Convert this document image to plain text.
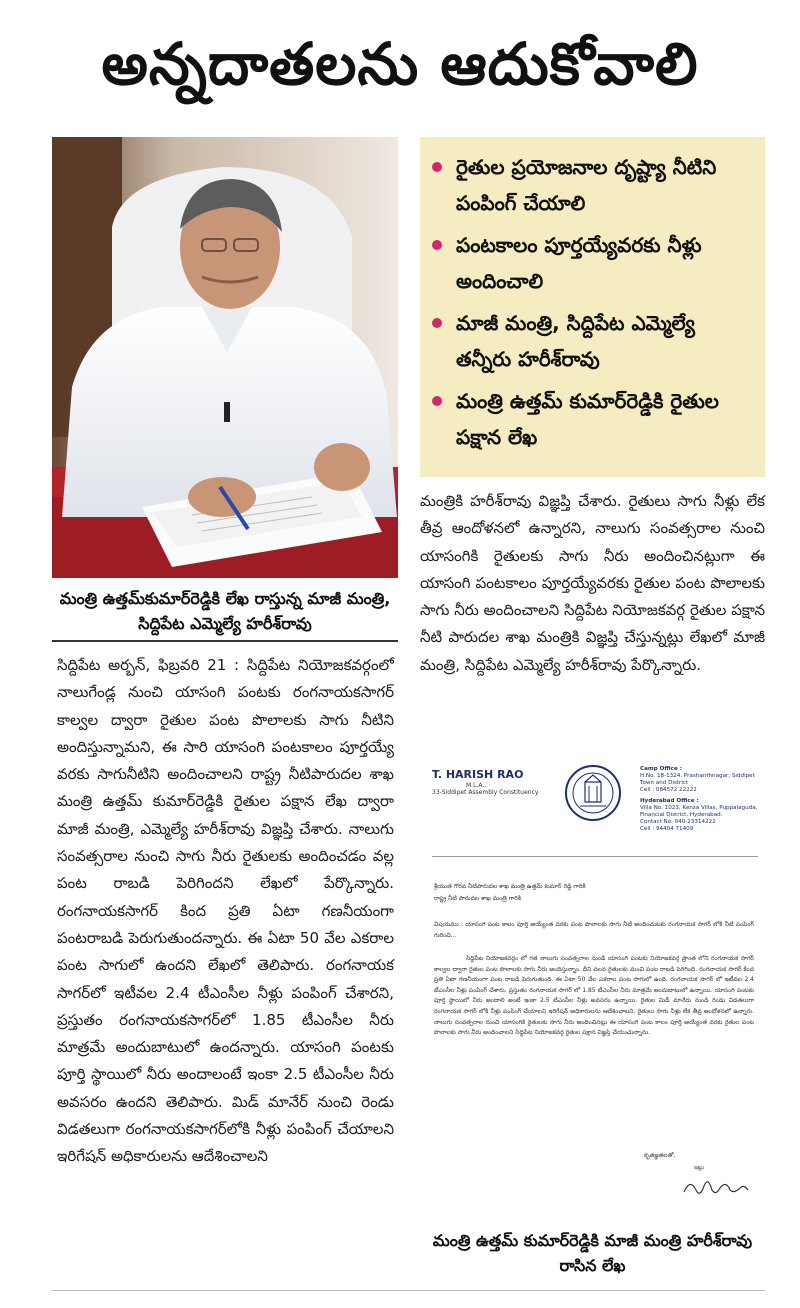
అన్నదాతలను ఆదుకోవాలి
మంత్రి ఉత్తమ్‌కుమార్‌రెడ్డికి లేఖ రాస్తున్న మాజీ మంత్రి, సిద్దిపేట ఎమ్మెల్యే హరీశ్‌రావు
రైతుల ప్రయోజనాల దృష్ట్యా నీటిని పంపింగ్‌ చేయాలి
పంటకాలం పూర్తయ్యేవరకు నీళ్లు అందించాలి
మాజీ మంత్రి, సిద్దిపేట ఎమ్మెల్యే తన్నీరు హరీశ్‌రావు
మంత్రి ఉత్తమ్‌ కుమార్‌రెడ్డికి రైతుల పక్షాన లేఖ
సిద్దిపేట అర్బన్‌, ఫిబ్రవరి 21 : సిద్దిపేట నియోజకవర్గంలో నాలుగేండ్ల నుంచి యాసంగి పంటకు రంగనాయకసాగర్‌ కాల్వల ద్వారా రైతుల పంట పొలాలకు సాగు నీటిని అందిస్తున్నామని, ఈ సారి యాసంగి పంటకాలం పూర్తయ్యే వరకు సాగునీటిని అందించాలని రాష్ట్ర నీటిపారుదల శాఖ మంత్రి ఉత్తమ్‌ కుమార్‌రెడ్డికి రైతుల పక్షాన లేఖ ద్వారా మాజీ మంత్రి, ఎమ్మెల్యే హరీశ్‌రావు విజ్ఞప్తి చేశారు. నాలుగు సంవత్సరాల నుంచి సాగు నీరు రైతులకు అందించడం వల్ల పంట రాబడి పెరిగిందని లేఖలో పేర్కొన్నారు. రంగనాయకసాగర్‌ కింద ప్రతి ఏటా గణనీయంగా పంటరాబడి పెరుగుతుందన్నారు. ఈ ఏటా 50 వేల ఎకరాల పంట సాగులో ఉందని లేఖలో తెలిపారు. రంగనాయక సాగర్‌లో ఇటీవల 2.4 టీఎంసీల నీళ్లు పంపింగ్‌ చేశారని, ప్రస్తుతం రంగనాయకసాగర్‌లో 1.85 టీఎంసీల నీరు మాత్రమే అందుబాటులో ఉందన్నారు. యాసంగి పంటకు పూర్తి స్థాయిలో నీరు అందాలంటే ఇంకా 2.5 టీఎంసీల నీరు అవసరం ఉందని తెలిపారు. మిడ్‌ మానేర్‌ నుంచి రెండు విడతలుగా రంగనాయకసాగర్‌లోకి నీళ్లు పంపింగ్‌ చేయాలని ఇరిగేషన్‌ అధికారులను ఆదేశించాలని
మంత్రికి హరీశ్‌రావు విజ్ఞప్తి చేశారు. రైతులు సాగు నీళ్లు లేక తీవ్ర ఆందోళనలో ఉన్నారని, నాలుగు సంవత్సరాల నుంచి యాసంగికి రైతులకు సాగు నీరు అందించినట్లుగా ఈ యాసంగి పంటకాలం పూర్తయ్యేవరకు రైతుల పంట పొలాలకు సాగు నీరు అందించాలని సిద్దిపేట నియోజకవర్గ రైతుల పక్షాన నీటి పారుదల శాఖ మంత్రికి విజ్ఞప్తి చేస్తున్నట్లు లేఖలో మాజీ మంత్రి, సిద్దిపేట ఎమ్మెల్యే హరీశ్‌రావు పేర్కొన్నారు.
T. HARISH RAO
M.L.A.,
33-Siddipet Assembly Constituency
Camp Office :
H.No. 18-1324, Prashanthnagar, Siddipet Town and District
Cell : 084572 22222
Hyderabad Office :
Villa No. 1023, Kenza Villas, Puppalaguda, Financial District, Hyderabad.
Contact No. 040-23314222
Cell : 94404 71409
శ్రీయుత గౌరవ నీటిపారుదల శాఖ మంత్రి ఉత్తమ్‌ కుమార్‌ రెడ్డి గారికి
రాష్ట్ర నీటి పారుదల శాఖ మంత్రి గారికి
విషయము : యాసంగి పంట కాలం పూర్తి అయ్యేంత వరకు పంట పొలాలకు సాగు నీటి అందించుటకు రంగనాయక సాగర్‌ లోకి నీటి పంపింగ్‌ గురించి...
సిద్దిపేట నియోజకవర్గం లో గత నాలుగు సంవత్సరాల నుండి యాసంగి పంటకు నియోజకవర్గ ప్రాంత లోని రంగనాయక సాగర్‌ కాల్వల ద్వారా రైతుల పంట పొలాలకు సాగు నీరు అందిస్తున్నాం. దీని వలన రైతులకు మంచి పంట రాబడి పెరిగింది. రంగనాయక సాగర్‌ కింద ప్రతి ఏటా గణనీయంగా పంట రాబడి పెరుగుతుంది. ఈ ఏటా 50 వేల ఎకరాల పంట సాగులో ఉంది. రంగనాయక సాగర్‌ లో ఇటీవల 2.4 టీఎంసీల నీళ్లు పంపింగ్‌ చేశారు. ప్రస్తుతం రంగనాయక సాగర్‌ లో 1.85 టీఎంసీల నీరు మాత్రమే అందుబాటులో ఉన్నాయి. యాసంగి పంటకు పూర్తి స్థాయిలో నీరు అందాలి అంటే ఇంకా 2.5 టీఎంసీల నీళ్లు అవసరం ఉన్నాయి. రైతుల మిడ్‌ మానేరు నుండి రెండు విడతలుగా రంగనాయక సాగర్‌ లోకి నీళ్లు పంపింగ్‌ చేయాలని ఇరిగేషన్‌ అధికారులను ఆదేశించాలని. రైతులు సాగు నీళ్లు లేక తీవ్ర ఆందోళనలో ఉన్నారు. నాలుగు సంవత్సరాల నుంచి యాసంగికి రైతులకు సాగు నీరు అందించినట్లు ఈ యాసంగి పంట కాలం పూర్తి అయ్యేంత వరకు రైతుల పంట పొలాలకు సాగు నీరు అందించాలని సిద్దిపేట నియోజకవర్గ రైతుల పక్షాన విజ్ఞప్తి చేయుచున్నాను.
కృతజ్ఞతలతో,
ఇట్లు
మంత్రి ఉత్తమ్‌ కుమార్‌రెడ్డికి మాజీ మంత్రి హరీశ్‌రావు రాసిన లేఖ
